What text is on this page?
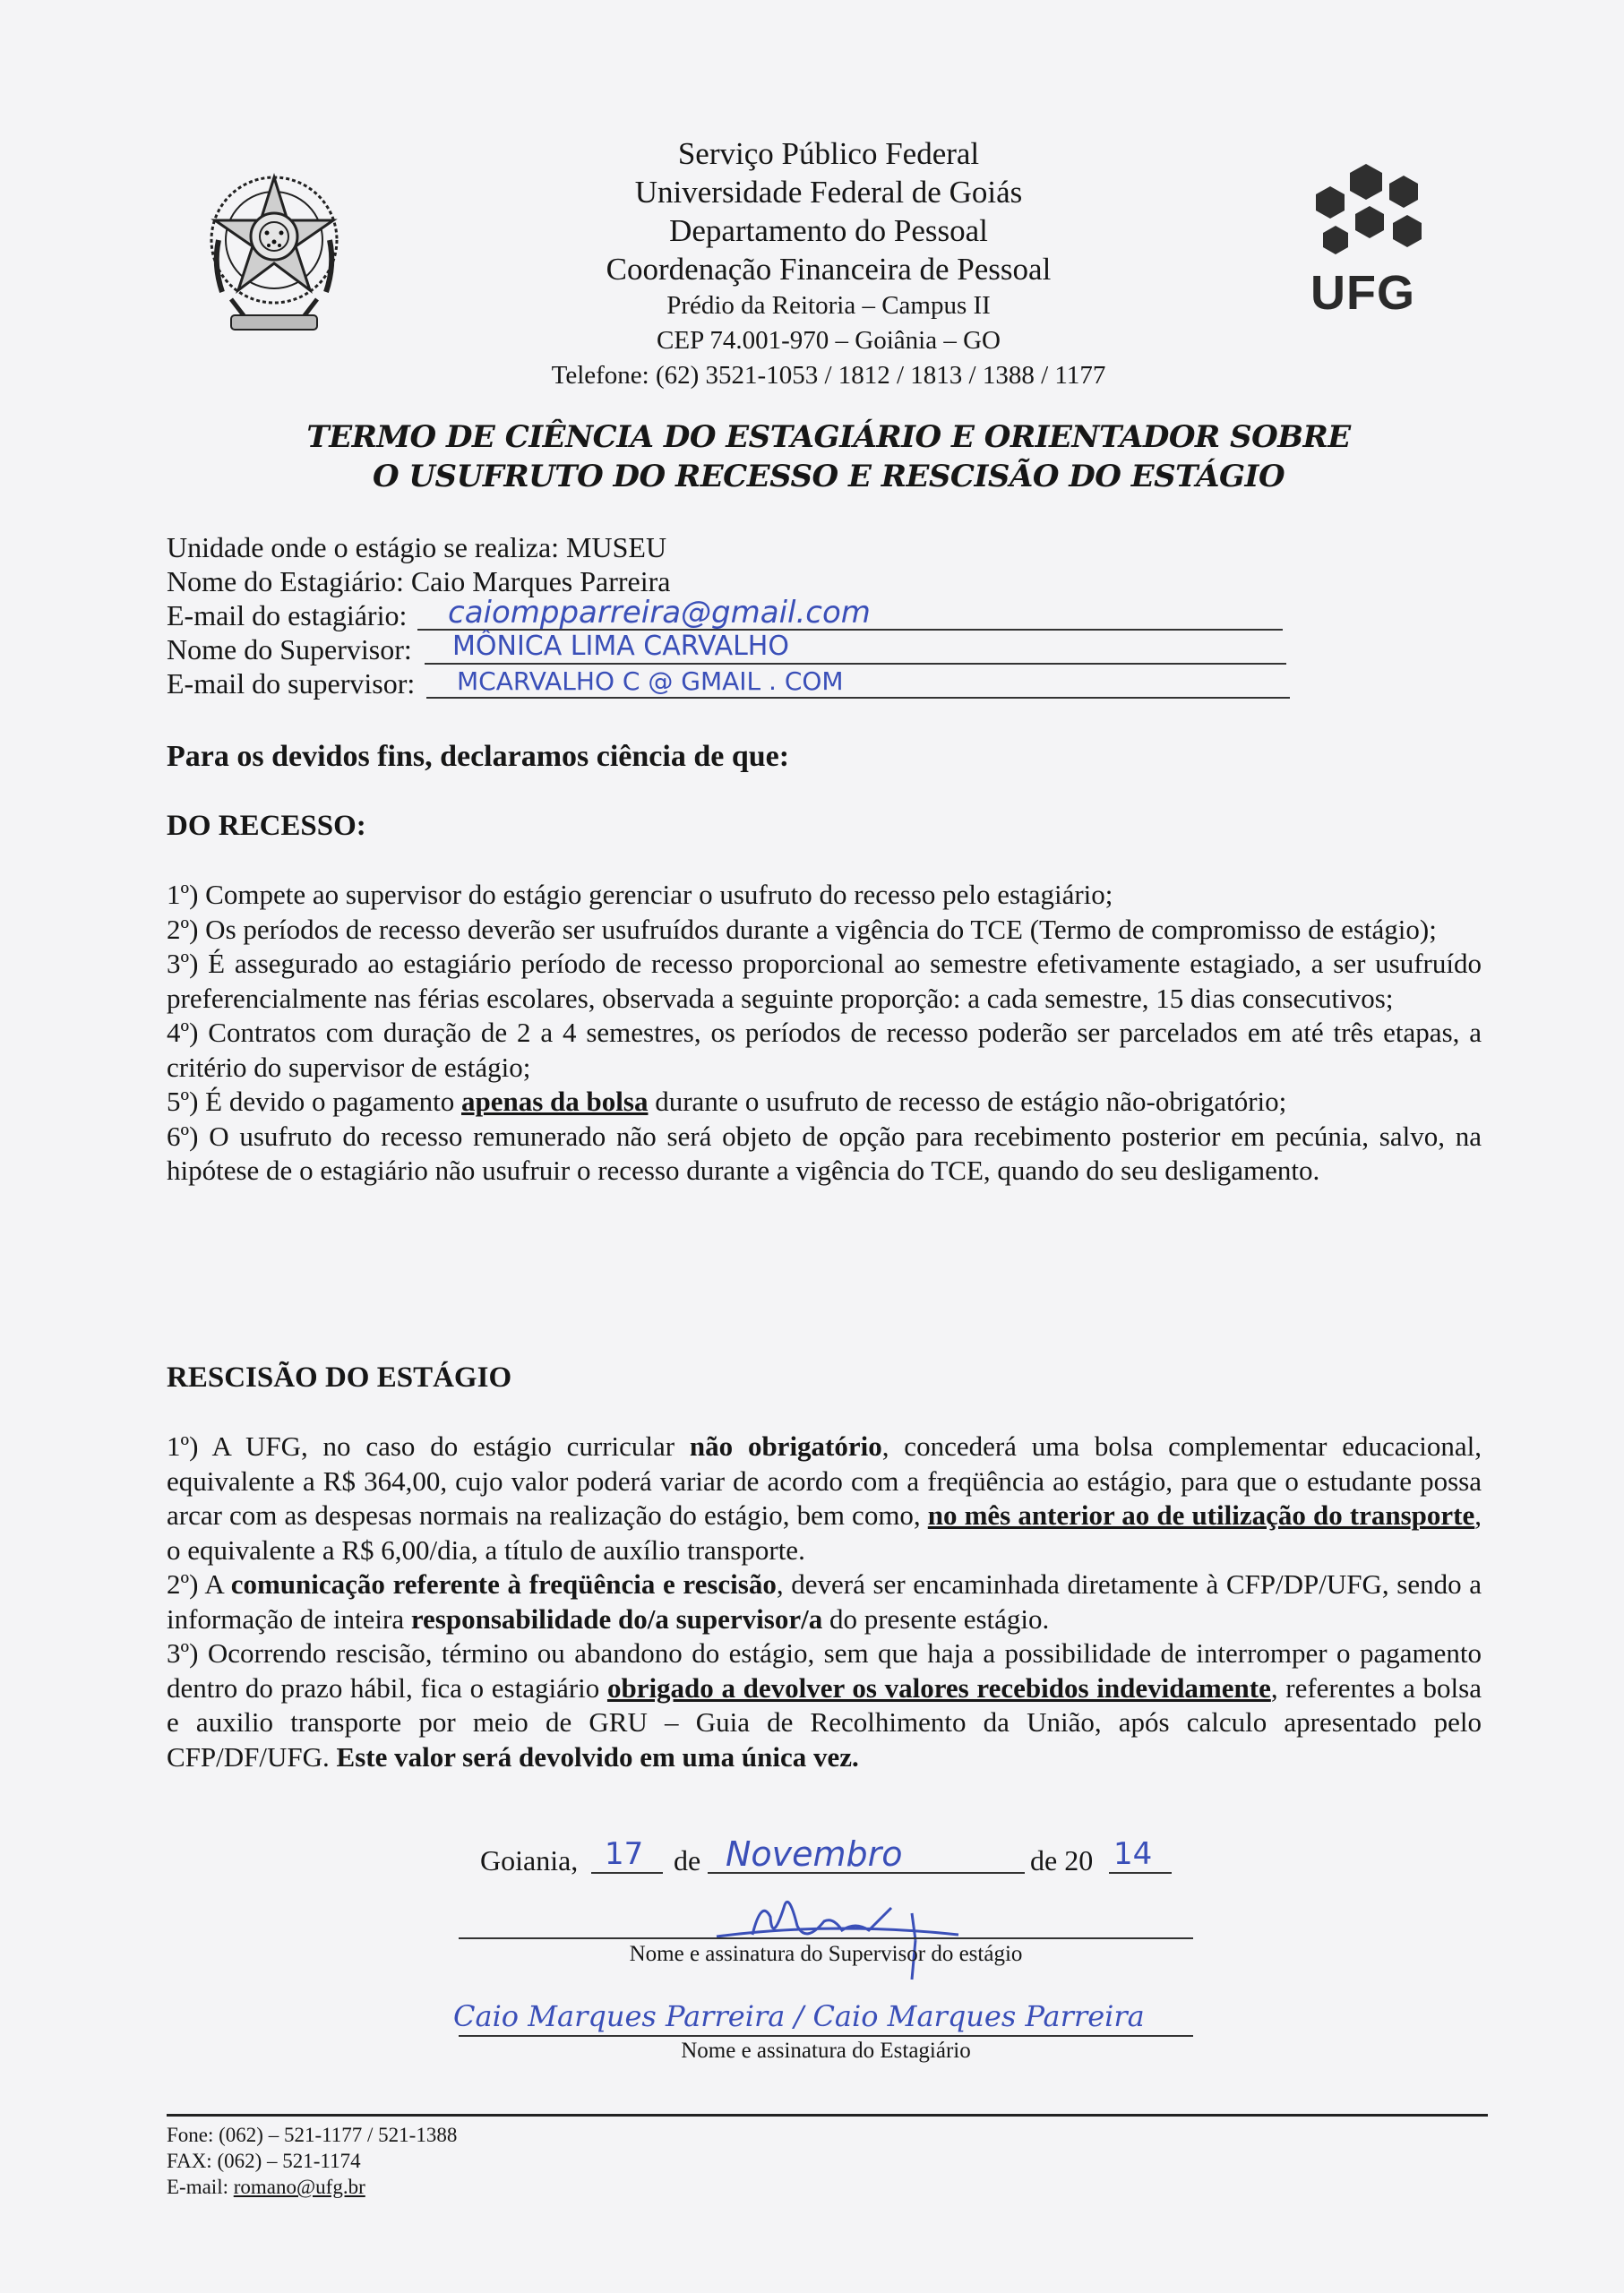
UFG
Serviço Público Federal
Universidade Federal de Goiás
Departamento do Pessoal
Coordenação Financeira de Pessoal
Prédio da Reitoria – Campus II
CEP 74.001-970 – Goiânia – GO
Telefone: (62) 3521-1053 / 1812 / 1813 / 1388 / 1177
TERMO DE CIÊNCIA DO ESTAGIÁRIO E ORIENTADOR SOBRE
O USUFRUTO DO RECESSO E RESCISÃO DO ESTÁGIO
Unidade onde o estágio se realiza: MUSEU
Nome do Estagiário: Caio Marques Parreira
E-mail do estagiário: caiompparreira@gmail.com
Nome do Supervisor: MÔNICA LIMA CARVALHO
E-mail do supervisor: MCARVALHO C @ GMAIL . COM
Para os devidos fins, declaramos ciência de que:
DO RECESSO:

1º) Compete ao supervisor do estágio gerenciar o usufruto do recesso pelo estagiário;

2º) Os períodos de recesso deverão ser usufruídos durante a vigência do TCE (Termo de compromisso de estágio);

3º) É assegurado ao estagiário período de recesso proporcional ao semestre efetivamente estagiado, a ser usufruído preferencialmente nas férias escolares, observada a seguinte proporção: a cada semestre, 15 dias consecutivos;

4º) Contratos com duração de 2 a 4 semestres, os períodos de recesso poderão ser parcelados em até três etapas, a critério do supervisor de estágio;

5º) É devido o pagamento apenas da bolsa durante o usufruto de recesso de estágio não-obrigatório;

6º) O usufruto do recesso remunerado não será objeto de opção para recebimento posterior em pecúnia, salvo, na hipótese de o estagiário não usufruir o recesso durante a vigência do TCE, quando do seu desligamento.

RESCISÃO DO ESTÁGIO

1º) A UFG, no caso do estágio curricular não obrigatório, concederá uma bolsa complementar educacional, equivalente a R$ 364,00, cujo valor poderá variar de acordo com a freqüência ao estágio, para que o estudante possa arcar com as despesas normais na realização do estágio, bem como, no mês anterior ao de utilização do transporte, o equivalente a R$ 6,00/dia, a título de auxílio transporte.

2º) A comunicação referente à freqüência e rescisão, deverá ser encaminhada diretamente à CFP/DP/UFG, sendo a informação de inteira responsabilidade do/a supervisor/a do presente estágio.

3º) Ocorrendo rescisão, término ou abandono do estágio, sem que haja a possibilidade de interromper o pagamento dentro do prazo hábil, fica o estagiário obrigado a devolver os valores recebidos indevidamente, referentes a bolsa e auxilio transporte por meio de GRU – Guia de Recolhimento da União, após calculo apresentado pelo CFP/DF/UFG. Este valor será devolvido em uma única vez.

Goiania, 17 de Novembro	de 20 14
Nome e assinatura do Supervisor do estágio
Caio Marques Parreira / Caio Marques Parreira
Nome e assinatura do Estagiário
Fone: (062) – 521-1177 / 521-1388
FAX: (062) – 521-1174
E-mail: romano@ufg.br
